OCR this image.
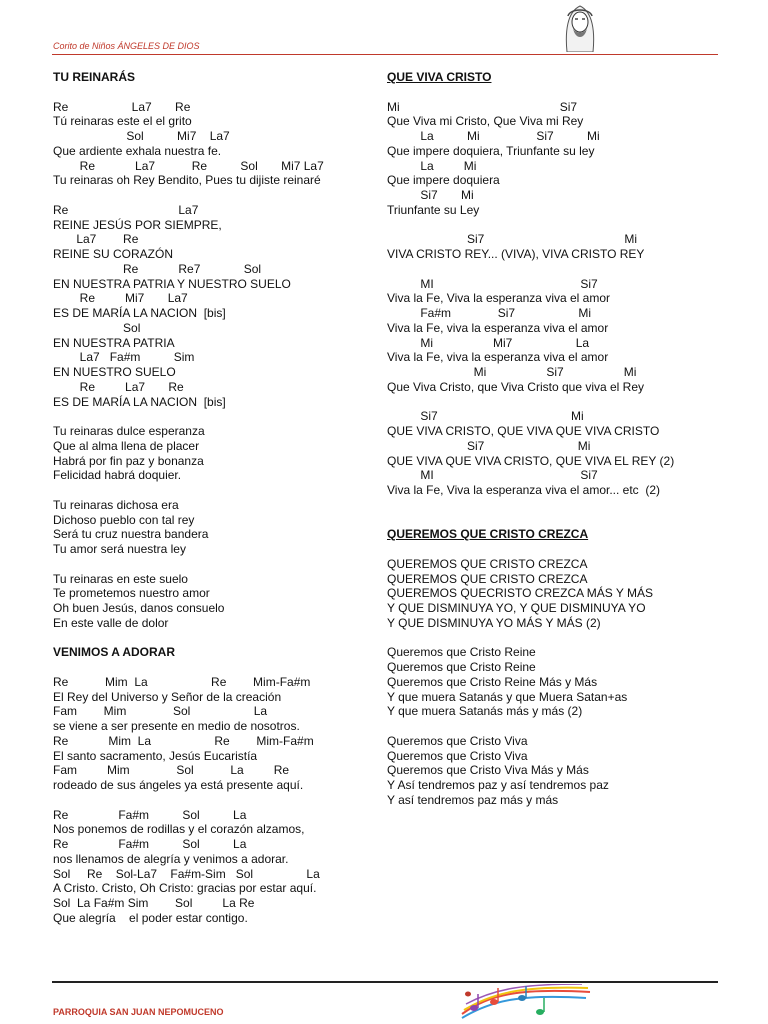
Corito de Niños ÁNGELES DE DIOS
TU REINARÁS
Re                   La7       Re
Tú reinaras este el el grito
Sol          Mi7    La7
Que ardiente exhala nuestra fe.
Re            La7           Re          Sol       Mi7 La7
Tu reinaras oh Rey Bendito, Pues tu dijiste reinaré
Re                                 La7
REINE JESÚS POR SIEMPRE,
La7        Re
REINE SU CORAZÓN
Re            Re7             Sol
EN NUESTRA PATRIA Y NUESTRO SUELO
Re         Mi7       La7
ES DE MARÍA LA NACION  [bis]
Sol
EN NUESTRA PATRIA
La7   Fa#m          Sim
EN NUESTRO SUELO
Re         La7       Re
ES DE MARÍA LA NACION  [bis]
Tu reinaras dulce esperanza
Que al alma llena de placer
Habrá por fin paz y bonanza
Felicidad habrá doquier.
Tu reinaras dichosa era
Dichoso pueblo con tal rey
Será tu cruz nuestra bandera
Tu amor será nuestra ley
Tu reinaras en este suelo
Te prometemos nuestro amor
Oh buen Jesús, danos consuelo
En este valle de dolor
VENIMOS A ADORAR
Re           Mim  La                   Re        Mim-Fa#m
El Rey del Universo y Señor de la creación
Fam        Mim              Sol                   La
se viene a ser presente en medio de nosotros.
Re            Mim  La                   Re        Mim-Fa#m
El santo sacramento, Jesús Eucaristía
Fam         Mim              Sol           La         Re
rodeado de sus ángeles ya está presente aquí.
Re               Fa#m          Sol          La
Nos ponemos de rodillas y el corazón alzamos,
Re               Fa#m          Sol          La
nos llenamos de alegría y venimos a adorar.
Sol     Re    Sol-La7    Fa#m-Sim   Sol                La
A Cristo. Cristo, Oh Cristo: gracias por estar aquí.
Sol  La Fa#m Sim        Sol         La Re
Que alegría    el poder estar contigo.
QUE VIVA CRISTO
Mi                                                Si7
Que Viva mi Cristo, Que Viva mi Rey
La          Mi                 Si7          Mi
Que impere doquiera, Triunfante su ley
La         Mi
Que impere doquiera
Si7       Mi
Triunfante su Ley
Si7                                          Mi
VIVA CRISTO REY... (VIVA), VIVA CRISTO REY
MI                                            Si7
Viva la Fe, Viva la esperanza viva el amor
Fa#m              Si7                   Mi
Viva la Fe, viva la esperanza viva el amor
Mi                  Mi7                   La
Viva la Fe, viva la esperanza viva el amor
Mi                  Si7                  Mi
Que Viva Cristo, que Viva Cristo que viva el Rey
Si7                                        Mi
QUE VIVA CRISTO, QUE VIVA QUE VIVA CRISTO
Si7                            Mi
QUE VIVA QUE VIVA CRISTO, QUE VIVA EL REY (2)
MI                                            Si7
Viva la Fe, Viva la esperanza viva el amor... etc  (2)
QUEREMOS QUE CRISTO CREZCA
QUEREMOS QUE CRISTO CREZCA
QUEREMOS QUE CRISTO CREZCA
QUEREMOS QUECRISTO CREZCA MÁS Y MÁS
Y QUE DISMINUYA YO, Y QUE DISMINUYA YO
Y QUE DISMINUYA YO MÁS Y MÁS (2)
Queremos que Cristo Reine
Queremos que Cristo Reine
Queremos que Cristo Reine Más y Más
Y que muera Satanás y que Muera Satan+as
Y que muera Satanás más y más (2)
Queremos que Cristo Viva
Queremos que Cristo Viva
Queremos que Cristo Viva Más y Más
Y Así tendremos paz y así tendremos paz
Y así tendremos paz más y más
PARROQUIA SAN JUAN NEPOMUCENO
